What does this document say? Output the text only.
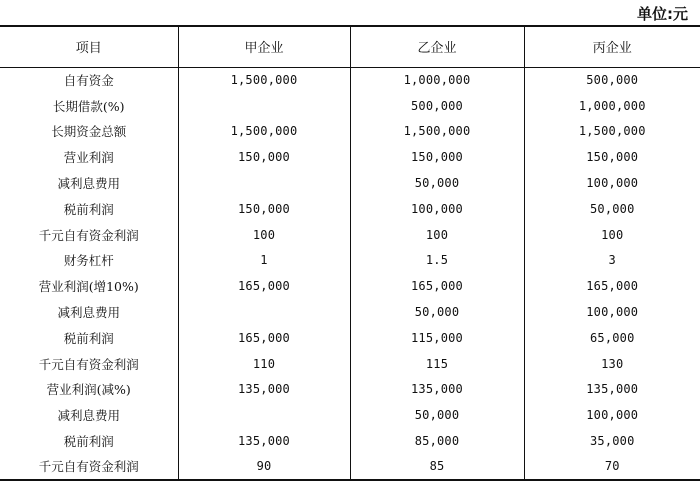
单位:元
项目	甲企业	乙企业	丙企业
自有资金	1,500,000	1,000,000	500,000
长期借款(%)		500,000	1,000,000
长期资金总额	1,500,000	1,500,000	1,500,000
营业利润	150,000	150,000	150,000
减利息费用		50,000	100,000
税前利润	150,000	100,000	50,000
千元自有资金利润	100	100	100
财务杠杆	1	1.5	3
营业利润(增10%)	165,000	165,000	165,000
减利息费用		50,000	100,000
税前利润	165,000	115,000	65,000
千元自有资金利润	110	115	130
营业利润(减%)	135,000	135,000	135,000
减利息费用		50,000	100,000
税前利润	135,000	85,000	35,000
千元自有资金利润	90	85	70
